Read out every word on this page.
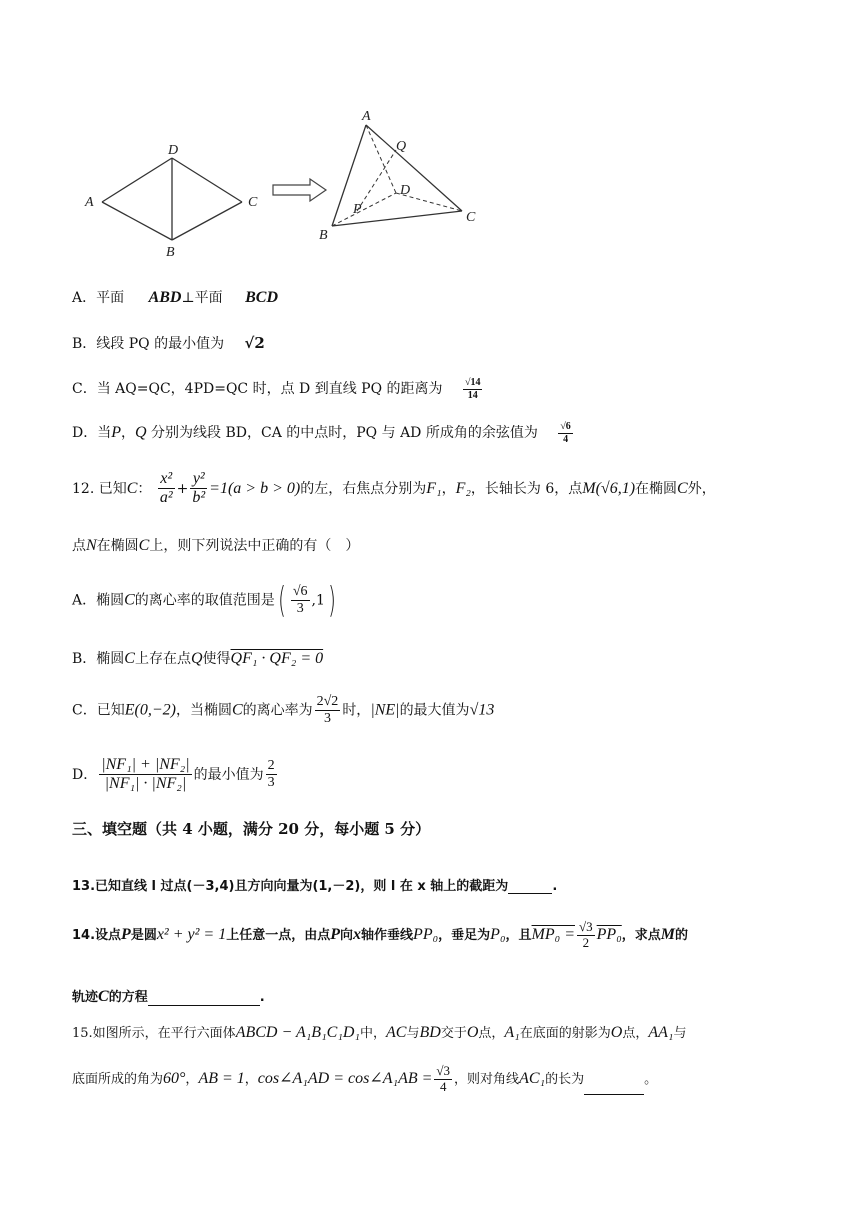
A
D
C
B
A
Q
D
P
B
C
A．平面 ABD⊥平面 BCD
B．线段 PQ 的最小值为 √2
C．当 AQ=QC，4PD=QC 时，点 D 到直线 PQ 的距离为 $\frac{√14}{14}$
D．当P，Q 分别为线段 BD，CA 的中点时，PQ 与 AD 所成角的余弦值为 $\frac{√6}{4}$
12. 已知C： $\frac{\text{x²}}{\text{a²}} + \frac{\text{y²}}{\text{b²}} =1(a > b > 0)$的左，右焦点分别为F₁，F₂，长轴长为 6，点M(√6,1)在椭圆C外，
点N在椭圆C上，则下列说法中正确的有（　）
A．椭圆C的离心率的取值范围是( $\frac{√6}{3} ,1$)
B．椭圆C上存在点Q使得QF₁ · QF₂ = 0
C．已知E(0,−2)，当椭圆C的离心率为 $\frac{2√2}{3}$ 时，|NE|的最大值为√13
D． $\frac{\text{|NF₁| + |NF₂|}}{\text{|NF₁| · |NF₂|}}$ 的最小值为 $\frac{2}{3}$
三、填空题（共 4 小题，满分 20 分，每小题 5 分）
13.已知直线 l 过点(－3,4)且方向向量为(1,－2)，则 l 在 x 轴上的截距为	.
14.设点P是圆x² + y² = 1上任意一点，由点P向x轴作垂线PP₀，垂足为P₀，且$MP_0 = \frac{√3}{2} PP_0$，求点M的
轨迹C的方程	.
15.如图所示，在平行六面体ABCD − A₁B₁C₁D₁中，AC与BD交于O点，A₁在底面的射影为O点，AA₁与
底面所成的角为60°，AB = 1，cos∠A₁AD = cos∠A₁AB = $\frac{√3}{4}$ ，则对角线AC₁的长为	。
